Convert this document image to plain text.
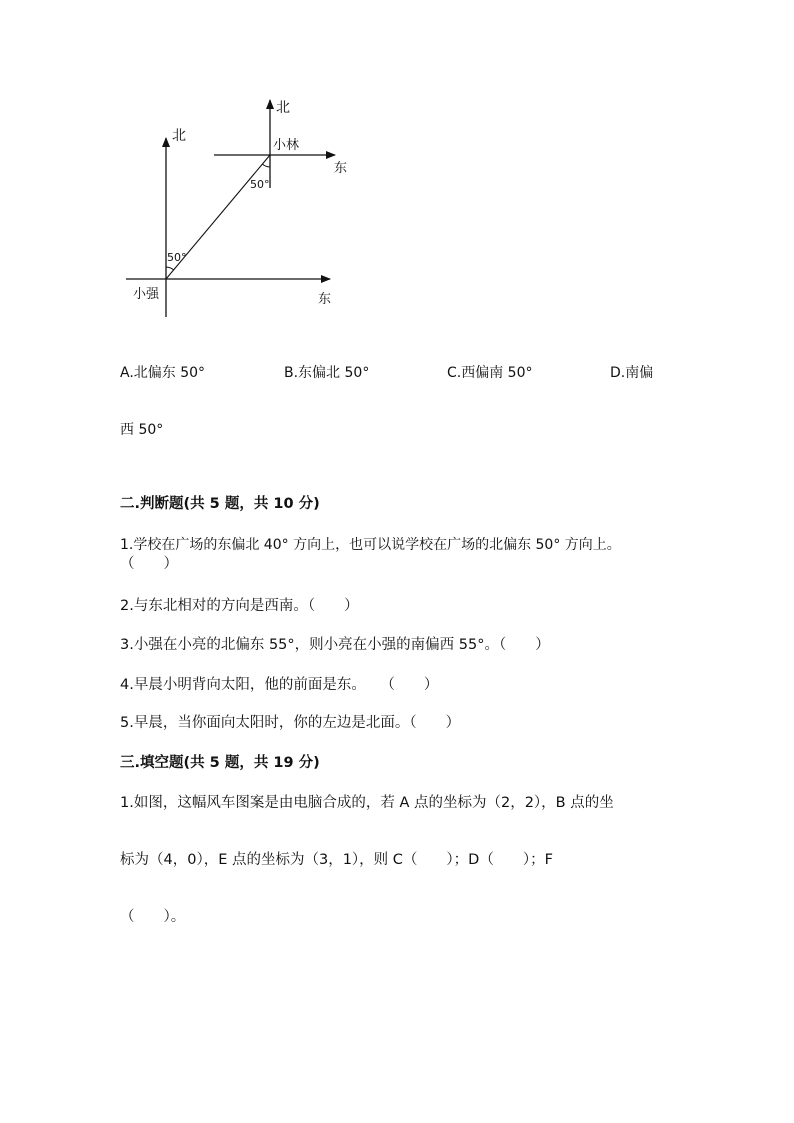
北
东
小强
50°
北
小林
东
50°
A.北偏东 50°	B.东偏北 50°	C.西偏南 50°	D.南偏
西 50°
二.判断题(共 5 题，共 10 分)
1.学校在广场的东偏北 40° 方向上，也可以说学校在广场的北偏东 50° 方向上。
（　　）
2.与东北相对的方向是西南。（　　）
3.小强在小亮的北偏东 55°，则小亮在小强的南偏西 55°。（　　）
4.早晨小明背向太阳，他的前面是东。　　（　　）
5.早晨，当你面向太阳时，你的左边是北面。（　　）
三.填空题(共 5 题，共 19 分)
1.如图，这幅风车图案是由电脑合成的，若 A 点的坐标为（2，2），B 点的坐
标为（4，0），E 点的坐标为（3，1），则 C（　　）；D（　　）；F
（　　）。
